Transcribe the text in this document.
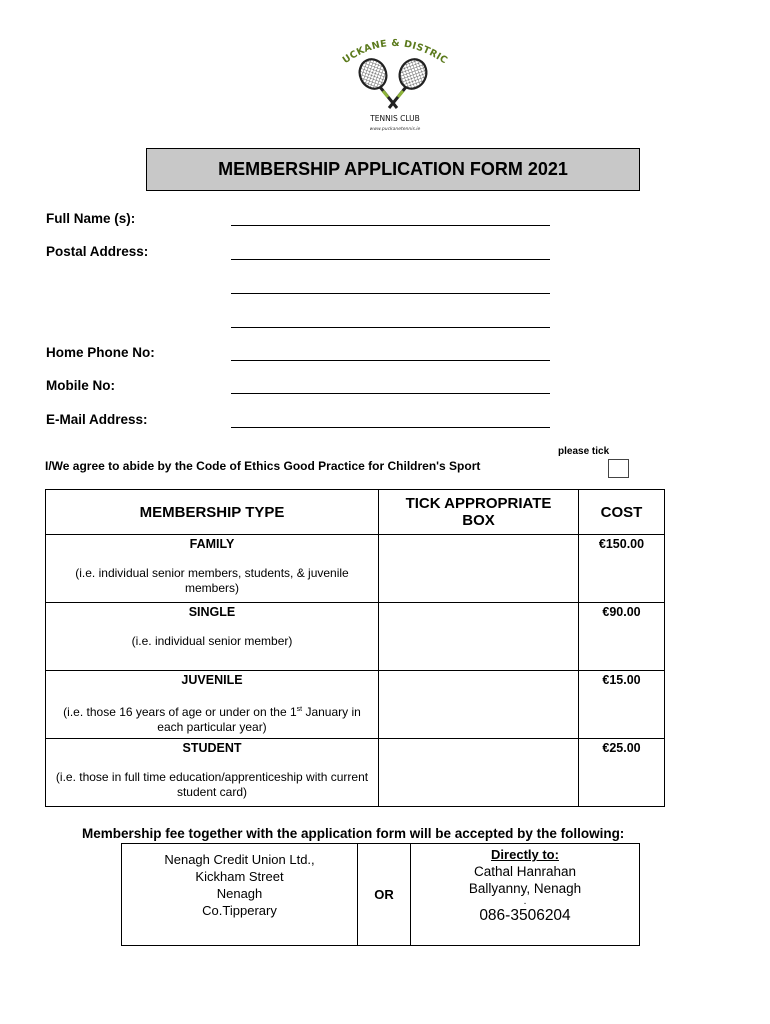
UCKANE & DISTRIC
TENNIS CLUB
www.puckanetennis.ie
MEMBERSHIP APPLICATION FORM 2021
Full Name (s):
Postal Address:
Home Phone No:
Mobile No:
E-Mail Address:
please tick
I/We agree to abide by the Code of Ethics Good Practice for Children's Sport
MEMBERSHIP TYPE	TICK APPROPRIATE BOX	COST

FAMILY
(i.e. individual senior members, students, & juvenile members)		€150.00

SINGLE
(i.e. individual senior member)		€90.00

JUVENILE
(i.e. those 16 years of age or under on the 1st January in each particular year)		€15.00

STUDENT
(i.e. those in full time education/apprenticeship with current student card)		€25.00
Membership fee together with the application form will be accepted by the following:
Nenagh Credit Union Ltd.,
Kickham Street
Nenagh
Co.Tipperary
	OR	
Directly to:
Cathal Hanrahan
Ballyanny, Nenagh
.
086-3506204
